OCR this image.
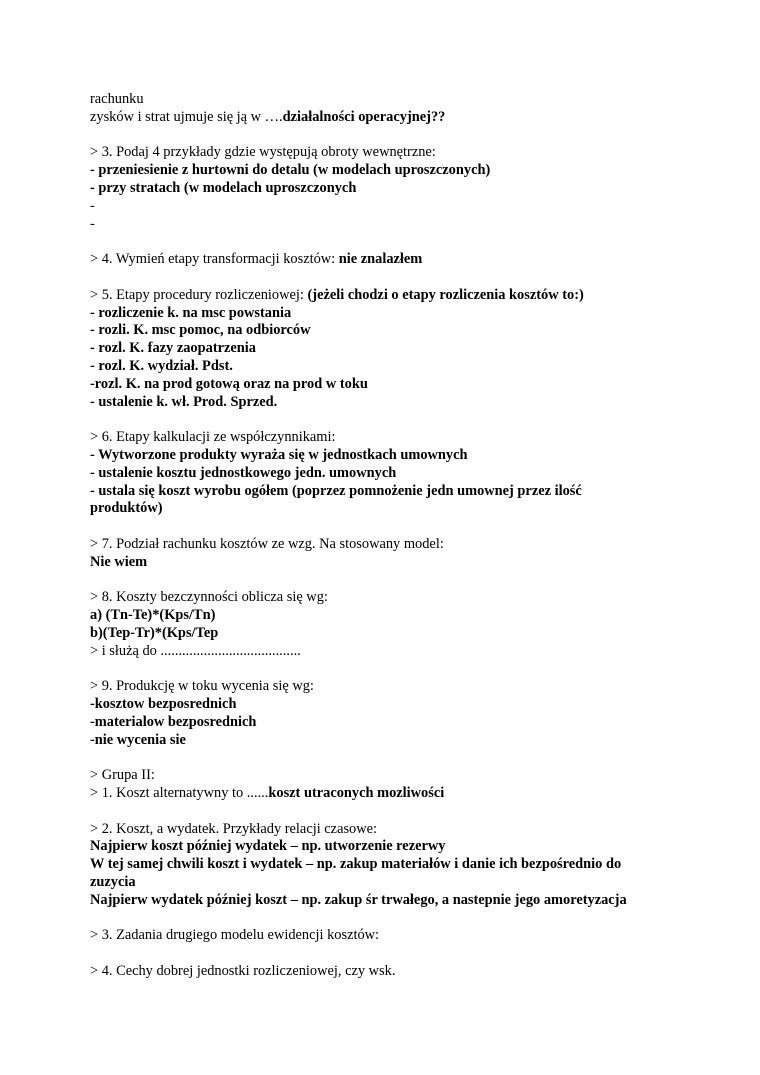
rachunku
zysków i strat ujmuje się ją w ….działalności operacyjnej??
> 3. Podaj 4 przykłady gdzie występują obroty wewnętrzne:
- przeniesienie z hurtowni do detalu (w modelach uproszczonych)
- przy stratach (w modelach uproszczonych
-
-
> 4. Wymień etapy transformacji kosztów: nie znalazłem
> 5. Etapy procedury rozliczeniowej: (jeżeli chodzi o etapy rozliczenia kosztów to:)
- rozliczenie k. na msc powstania
- rozli. K. msc pomoc, na odbiorców
- rozl. K. fazy zaopatrzenia
- rozl. K. wydział. Pdst.
-rozl. K. na prod gotową oraz na prod w toku
- ustalenie k. wł. Prod. Sprzed.
> 6. Etapy kalkulacji ze współczynnikami:
- Wytworzone produkty wyraża się w jednostkach umownych
- ustalenie kosztu jednostkowego jedn. umownych
- ustala się koszt wyrobu ogółem (poprzez pomnożenie jedn umownej przez ilość
produktów)
> 7. Podział rachunku kosztów ze wzg. Na stosowany model:
Nie wiem
> 8. Koszty bezczynności oblicza się wg:
a) (Tn-Te)*(Kps/Tn)
b)(Tep-Tr)*(Kps/Tep
> i służą do .......................................
> 9. Produkcję w toku wycenia się wg:
-kosztow bezposrednich
-materialow bezposrednich
-nie wycenia sie
> Grupa II:
> 1. Koszt alternatywny to ......koszt utraconych mozliwości
> 2. Koszt, a wydatek. Przykłady relacji czasowe:
Najpierw koszt później wydatek – np. utworzenie rezerwy
W tej samej chwili koszt i wydatek – np. zakup materiałów i danie ich bezpośrednio do
zuzycia
Najpierw wydatek później koszt – np. zakup śr trwałego, a nastepnie jego amoretyzacja
> 3. Zadania drugiego modelu ewidencji kosztów:
> 4. Cechy dobrej jednostki rozliczeniowej, czy wsk.
